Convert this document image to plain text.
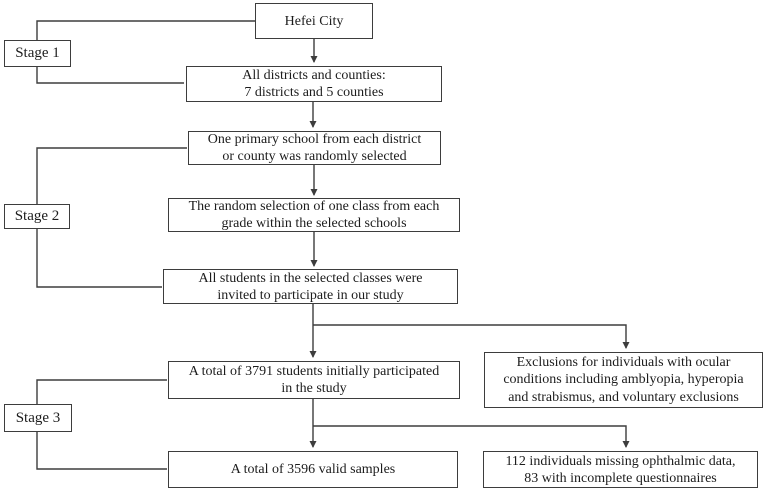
Stage 1
Stage 2
Stage 3
Hefei City
All districts and counties:
7 districts and 5 counties
One primary school from each district
or county was randomly selected
The random selection of one class from each
grade within the selected schools
All students in the selected classes were
invited to participate in our study
A total of 3791 students initially participated
in the study
Exclusions for individuals with ocular
conditions including amblyopia, hyperopia
and strabismus, and voluntary exclusions
A total of 3596 valid samples
112 individuals missing ophthalmic data,
83 with incomplete questionnaires
